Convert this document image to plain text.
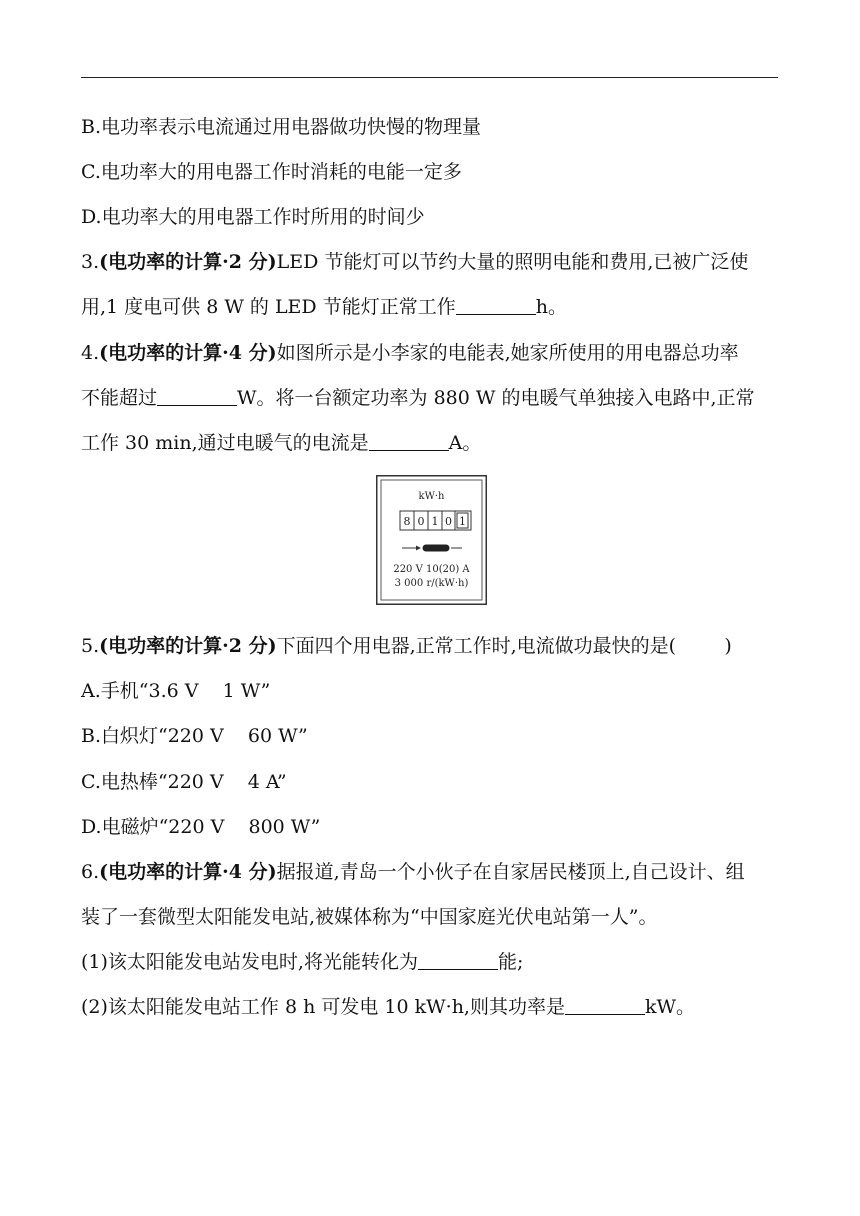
B.电功率表示电流通过用电器做功快慢的物理量
C.电功率大的用电器工作时消耗的电能一定多
D.电功率大的用电器工作时所用的时间少
3.(电功率的计算·2 分)LED 节能灯可以节约大量的照明电能和费用,已被广泛使
用,1 度电可供 8 W 的 LED 节能灯正常工作	h。
4.(电功率的计算·4 分)如图所示是小李家的电能表,她家所使用的用电器总功率
不能超过	W。将一台额定功率为 880 W 的电暖气单独接入电路中,正常
工作 30 min,通过电暖气的电流是	A。
kW·h
8 0 1 0 1
220 V 10(20) A
3 000 r/(kW·h)
5.(电功率的计算·2 分)下面四个用电器,正常工作时,电流做功最快的是(        )
A.手机“3.6 V    1 W”
B.白炽灯“220 V    60 W”
C.电热棒“220 V    4 A”
D.电磁炉“220 V    800 W”
6.(电功率的计算·4 分)据报道,青岛一个小伙子在自家居民楼顶上,自己设计、组
装了一套微型太阳能发电站,被媒体称为“中国家庭光伏电站第一人”。
(1)该太阳能发电站发电时,将光能转化为	能;
(2)该太阳能发电站工作 8 h 可发电 10 kW·h,则其功率是	kW。
